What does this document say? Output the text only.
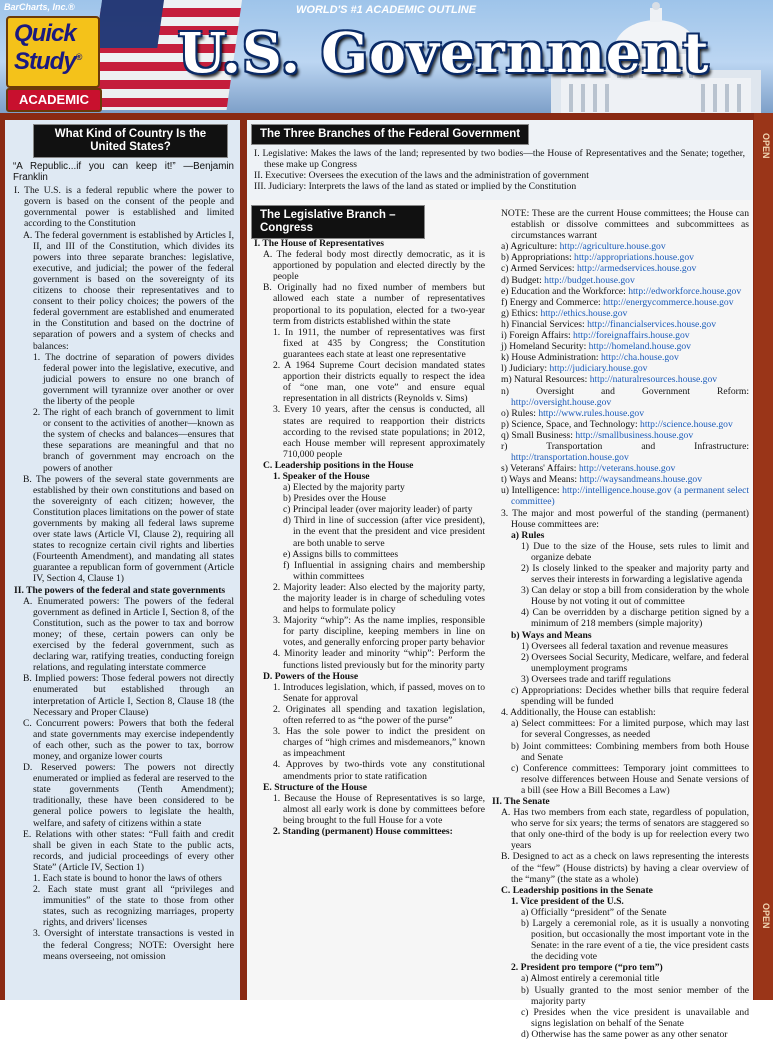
BarCharts, Inc.®	WORLD'S #1 ACADEMIC OUTLINE
Quick
Study®
ACADEMIC
U.S. Government
OPEN
OPEN
What Kind of Country Is the United States?

“A Republic...if you can keep it!” —Benjamin Franklin

I. The U.S. is a federal republic where the power to govern is based on the consent of the people and governmental power is established and limited according to the Constitution

A. The federal government is established by Articles I, II, and III of the Constitution, which divides its powers into three separate branches: legislative, executive, and judicial; the power of the federal government is based on the sovereignty of its citizens to choose their representatives and to consent to their policy choices; the powers of the federal government are established and enumerated in the Constitution and based on the doctrine of separation of powers and a system of checks and balances:

1. The doctrine of separation of powers divides federal power into the legislative, executive, and judicial powers to ensure no one branch of government will tyrannize over another or over the liberty of the people

2. The right of each branch of government to limit or consent to the activities of another—known as the system of checks and balances—ensures that these separations are meaningful and that no branch of government may encroach on the powers of another

B. The powers of the several state governments are established by their own constitutions and based on the sovereignty of each citizen; however, the Constitution places limitations on the power of state governments by making all federal laws supreme over state laws (Article VI, Clause 2), requiring all states to recognize certain civil rights and liberties (Fourteenth Amendment), and mandating all states guarantee a republican form of government (Article IV, Section 4, Clause 1)

II. The powers of the federal and state governments

A. Enumerated powers: The powers of the federal government as defined in Article I, Section 8, of the Constitution, such as the power to tax and borrow money; of these, certain powers can only be exercised by the federal government, such as declaring war, ratifying treaties, conducting foreign relations, and regulating interstate commerce

B. Implied powers: Those federal powers not directly enumerated but established through an interpretation of Article I, Section 8, Clause 18 (the Necessary and Proper Clause)

C. Concurrent powers: Powers that both the federal and state governments may exercise independently of each other, such as the power to tax, borrow money, and organize lower courts

D. Reserved powers: The powers not directly enumerated or implied as federal are reserved to the state governments (Tenth Amendment); traditionally, these have been considered to be general police powers to legislate the health, welfare, and safety of citizens within a state

E. Relations with other states: “Full faith and credit shall be given in each State to the public acts, records, and judicial proceedings of every other State” (Article IV, Section 1)

1. Each state is bound to honor the laws of others

2. Each state must grant all “privileges and immunities” of the state to those from other states, such as recognizing marriages, property rights, and drivers' licenses

3. Oversight of interstate transactions is vested in the federal Congress; NOTE: Oversight here means overseeing, not omission

The Three Branches of the Federal Government

I. Legislative: Makes the laws of the land; represented by two bodies—the House of Representatives and the Senate; together, these make up Congress

II. Executive: Oversees the execution of the laws and the administration of government

III. Judiciary: Interprets the laws of the land as stated or implied by the Constitution

The Legislative Branch – Congress

I. The House of Representatives

A. The federal body most directly democratic, as it is apportioned by population and elected directly by the people

B. Originally had no fixed number of members but allowed each state a number of representatives proportional to its population, elected for a two-year term from districts established within the state

1. In 1911, the number of representatives was first fixed at 435 by Congress; the Constitution guarantees each state at least one representative

2. A 1964 Supreme Court decision mandated states apportion their districts equally to respect the idea of “one man, one vote” and ensure equal representation in all districts (Reynolds v. Sims)

3. Every 10 years, after the census is conducted, all states are required to reapportion their districts according to the revised state populations; in 2012, each House member will represent approximately 710,000 people

C. Leadership positions in the House

1. Speaker of the House

a) Elected by the majority party

b) Presides over the House

c) Principal leader (over majority leader) of party

d) Third in line of succession (after vice president), in the event that the president and vice president are both unable to serve

e) Assigns bills to committees

f) Influential in assigning chairs and membership within committees

2. Majority leader: Also elected by the majority party, the majority leader is in charge of scheduling votes and helps to formulate policy

3. Majority “whip”: As the name implies, responsible for party discipline, keeping members in line on votes, and generally enforcing proper party behavior

4. Minority leader and minority “whip”: Perform the functions listed previously but for the minority party

D. Powers of the House

1. Introduces legislation, which, if passed, moves on to Senate for approval

2. Originates all spending and taxation legislation, often referred to as “the power of the purse”

3. Has the sole power to indict the president on charges of “high crimes and misdemeanors,” known as impeachment

4. Approves by two-thirds vote any constitutional amendments prior to state ratification

E. Structure of the House

1. Because the House of Representatives is so large, almost all early work is done by committees before being brought to the full House for a vote

2. Standing (permanent) House committees:

NOTE: These are the current House committees; the House can establish or dissolve committees and subcommittees as circumstances warrant

a) Agriculture: http://agriculture.house.gov

b) Appropriations: http://appropriations.house.gov

c) Armed Services: http://armedservices.house.gov

d) Budget: http://budget.house.gov

e) Education and the Workforce: http://edworkforce.house.gov

f) Energy and Commerce: http://energycommerce.house.gov

g) Ethics: http://ethics.house.gov

h) Financial Services: http://financialservices.house.gov

i) Foreign Affairs: http://foreignaffairs.house.gov

j) Homeland Security: http://homeland.house.gov

k) House Administration: http://cha.house.gov

l) Judiciary: http://judiciary.house.gov

m) Natural Resources: http://naturalresources.house.gov

n) Oversight and Government Reform: http://oversight.house.gov

o) Rules: http://www.rules.house.gov

p) Science, Space, and Technology: http://science.house.gov

q) Small Business: http://smallbusiness.house.gov

r) Transportation and Infrastructure: http://transportation.house.gov

s) Veterans' Affairs: http://veterans.house.gov

t) Ways and Means: http://waysandmeans.house.gov

u) Intelligence: http://intelligence.house.gov (a permanent select committee)

3. The major and most powerful of the standing (permanent) House committees are:

a) Rules

1) Due to the size of the House, sets rules to limit and organize debate

2) Is closely linked to the speaker and majority party and serves their interests in forwarding a legislative agenda

3) Can delay or stop a bill from consideration by the whole House by not voting it out of committee

4) Can be overridden by a discharge petition signed by a minimum of 218 members (simple majority)

b) Ways and Means

1) Oversees all federal taxation and revenue measures

2) Oversees Social Security, Medicare, welfare, and federal unemployment programs

3) Oversees trade and tariff regulations

c) Appropriations: Decides whether bills that require federal spending will be funded

4. Additionally, the House can establish:

a) Select committees: For a limited purpose, which may last for several Congresses, as needed

b) Joint committees: Combining members from both House and Senate

c) Conference committees: Temporary joint committees to resolve differences between House and Senate versions of a bill (see How a Bill Becomes a Law)

II. The Senate

A. Has two members from each state, regardless of population, who serve for six years; the terms of senators are staggered so that only one-third of the body is up for reelection every two years

B. Designed to act as a check on laws representing the interests of the “few” (House districts) by having a clear overview of the “many” (the state as a whole)

C. Leadership positions in the Senate

1. Vice president of the U.S.

a) Officially “president” of the Senate

b) Largely a ceremonial role, as it is usually a nonvoting position, but occasionally the most important vote in the Senate: in the rare event of a tie, the vice president casts the deciding vote

2. President pro tempore (“pro tem”)

a) Almost entirely a ceremonial title

b) Usually granted to the most senior member of the majority party

c) Presides when the vice president is unavailable and signs legislation on behalf of the Senate

d) Otherwise has the same power as any other senator
